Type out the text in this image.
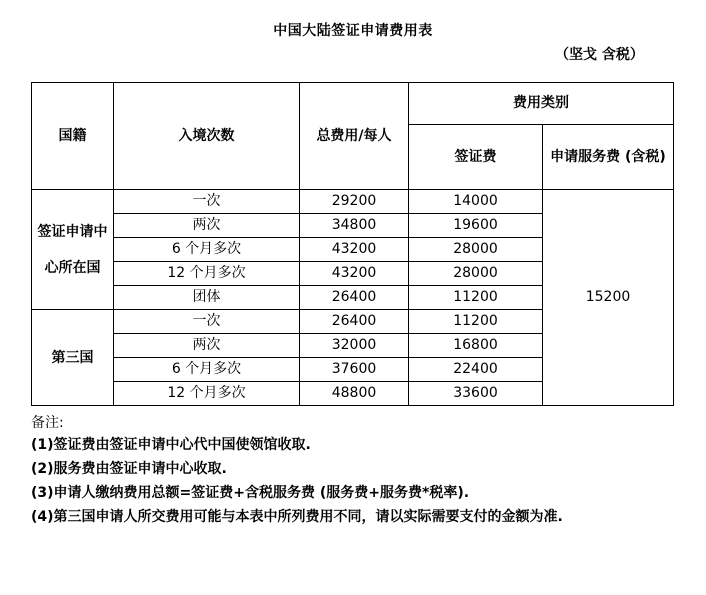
中国大陆签证申请费用表
（坚戈 含税）
国籍	入境次数	总费用/每人	费用类别	
			签证费	申请服务费 (含税)
签证申请中心所在国	一次	29200	14000	15200
	两次	34800	19600	
	6 个月多次	43200	28000	
	12 个月多次	43200	28000	
	团体	26400	11200	
第三国	一次	26400	11200	
	两次	32000	16800	
	6 个月多次	37600	22400	
	12 个月多次	48800	33600	
备注:
(1)签证费由签证申请中心代中国使领馆收取.
(2)服务费由签证申请中心收取.
(3)申请人缴纳费用总额=签证费+含税服务费 (服务费+服务费*税率).
(4)第三国申请人所交费用可能与本表中所列费用不同，请以实际需要支付的金额为准.
